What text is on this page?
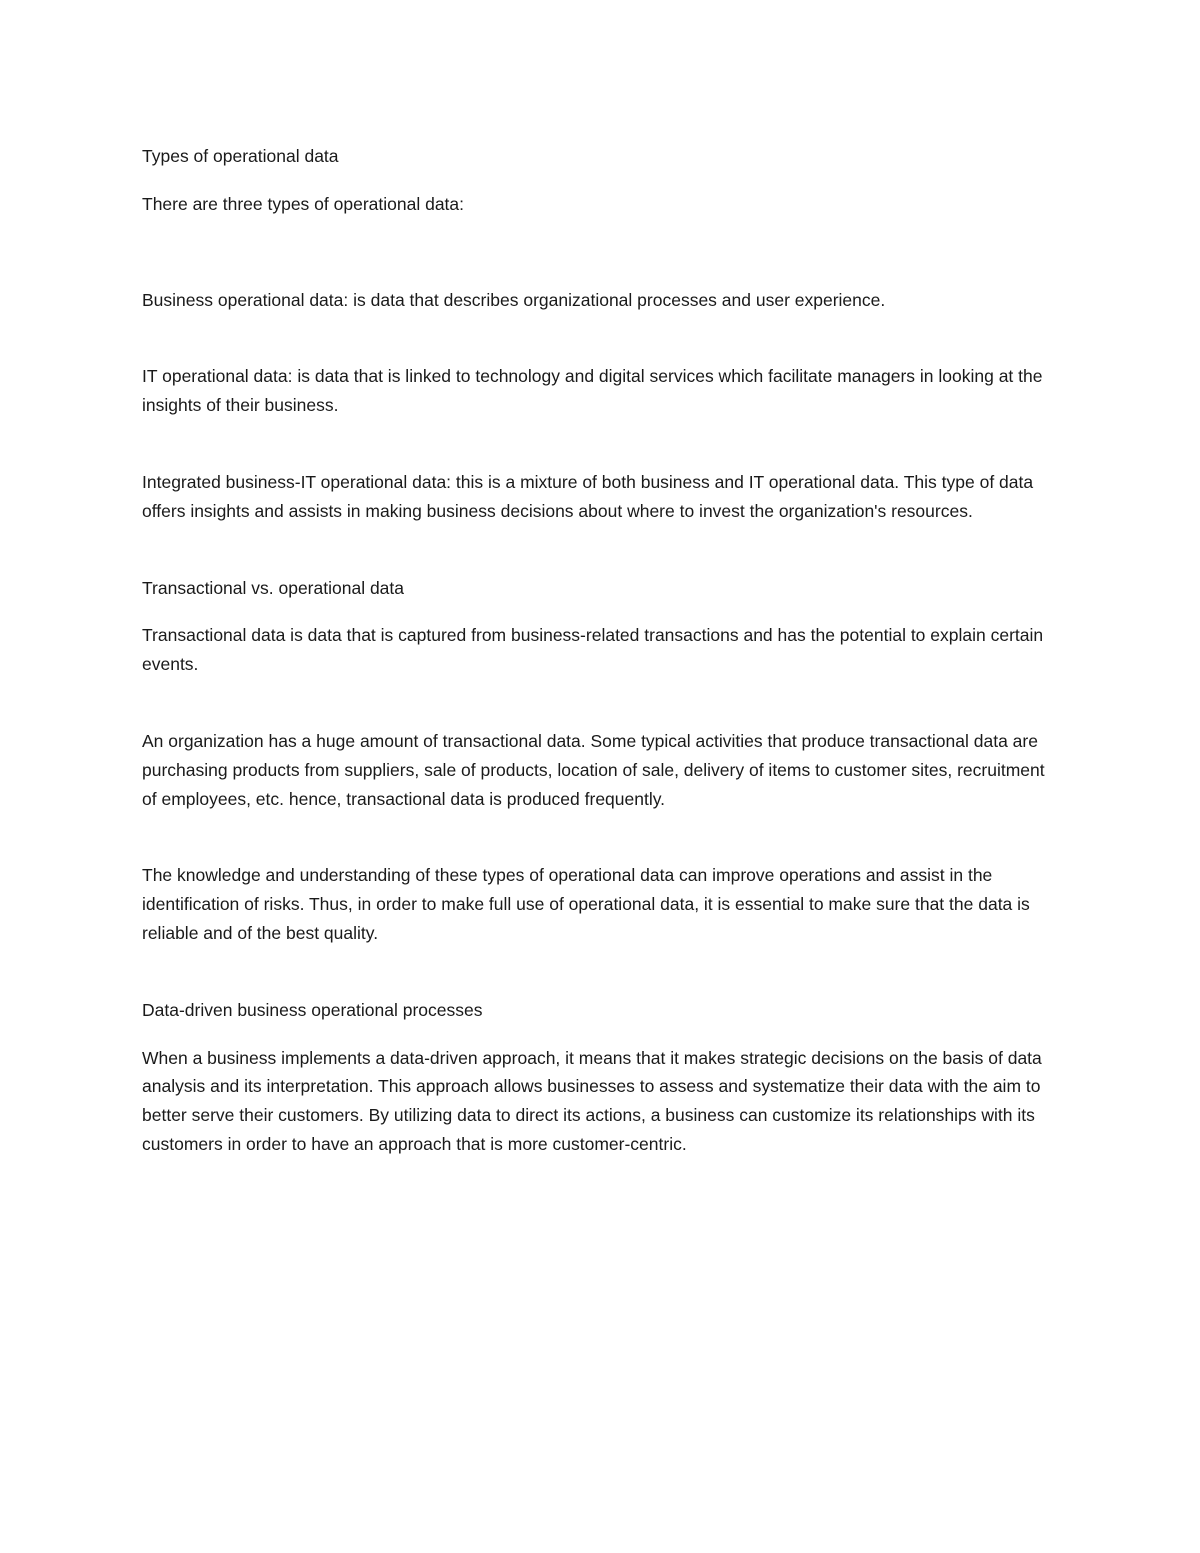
Types of operational data

There are three types of operational data:

Business operational data: is data that describes organizational processes and user experience.

IT operational data: is data that is linked to technology and digital services which facilitate managers in looking at the insights of their business.

Integrated business-IT operational data: this is a mixture of both business and IT operational data. This type of data offers insights and assists in making business decisions about where to invest the organization's resources.

Transactional vs. operational data

Transactional data is data that is captured from business-related transactions and has the potential to explain certain events.

An organization has a huge amount of transactional data. Some typical activities that produce transactional data are purchasing products from suppliers, sale of products, location of sale, delivery of items to customer sites, recruitment of employees, etc. hence, transactional data is produced frequently.

The knowledge and understanding of these types of operational data can improve operations and assist in the identification of risks. Thus, in order to make full use of operational data, it is essential to make sure that the data is reliable and of the best quality.

Data-driven business operational processes

When a business implements a data-driven approach, it means that it makes strategic decisions on the basis of data analysis and its interpretation. This approach allows businesses to assess and systematize their data with the aim to better serve their customers. By utilizing data to direct its actions, a business can customize its relationships with its customers in order to have an approach that is more customer-centric.
